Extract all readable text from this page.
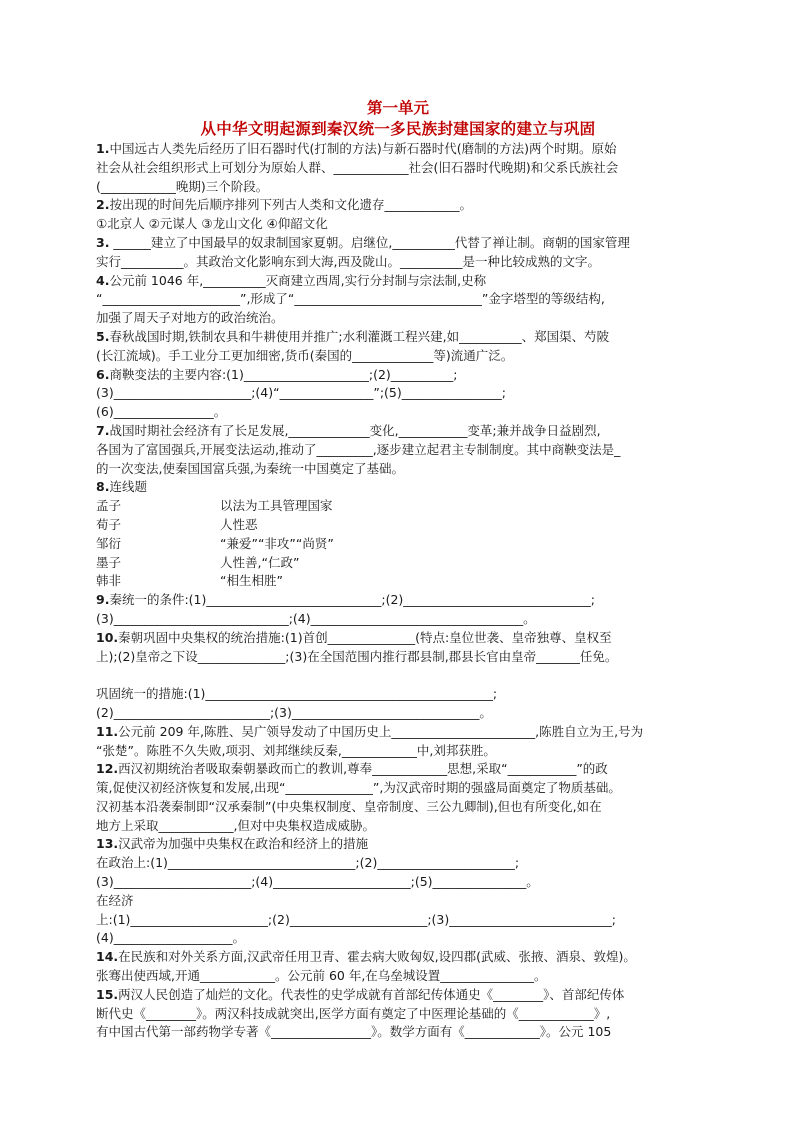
第一单元
从中华文明起源到秦汉统一多民族封建国家的建立与巩固
1.中国远古人类先后经历了旧石器时代(打制的方法)与新石器时代(磨制的方法)两个时期。原始
社会从社会组织形式上可划分为原始人群、____________社会(旧石器时代晚期)和父系氏族社会
(____________晚期)三个阶段。
2.按出现的时间先后顺序排列下列古人类和文化遗存____________。
①北京人 ②元谋人 ③龙山文化 ④仰韶文化
3. ______建立了中国最早的奴隶制国家夏朝。启继位,__________代替了禅让制。商朝的国家管理
实行__________。其政治文化影响东到大海,西及陇山。__________是一种比较成熟的文字。
4.公元前 1046 年,__________灭商建立西周,实行分封制与宗法制,史称
“______________________”,形成了“______________________________”金字塔型的等级结构,
加强了周天子对地方的政治统治。
5.春秋战国时期,铁制农具和牛耕使用并推广;水利灌溉工程兴建,如__________、郑国渠、芍陂
(长江流域)。手工业分工更加细密,货币(秦国的_____________等)流通广泛。
6.商鞅变法的主要内容:(1)____________________;(2)__________;
(3)______________________;(4)“_______________”;(5)________________;
(6)________________。
7.战国时期社会经济有了长足发展,_____________变化,___________变革;兼并战争日益剧烈,
各国为了富国强兵,开展变法运动,推动了_________,逐步建立起君主专制制度。其中商鞅变法是_
的一次变法,使秦国国富兵强,为秦统一中国奠定了基础。
8.连线题
孟子	以法为工具管理国家
荀子	人性恶
邹衍	“兼爱”“非攻”“尚贤”
墨子	人性善,“仁政”
韩非	“相生相胜”
9.秦统一的条件:(1)____________________________;(2)______________________________;
(3)____________________________;(4)__________________________________。
10.秦朝巩固中央集权的统治措施:(1)首创______________(特点:皇位世袭、皇帝独尊、皇权至
上);(2)皇帝之下设______________;(3)在全国范围内推行郡县制,郡县长官由皇帝_______任免。
巩固统一的措施:(1)______________________________________________;
(2)_________________________;(3)______________________________。
11.公元前 209 年,陈胜、吴广领导发动了中国历史上_______________________,陈胜自立为王,号为
“张楚”。陈胜不久失败,项羽、刘邦继续反秦,____________中,刘邦获胜。
12.西汉初期统治者吸取秦朝暴政而亡的教训,尊奉____________思想,采取“___________”的政
策,促使汉初经济恢复和发展,出现“______________”,为汉武帝时期的强盛局面奠定了物质基础。
汉初基本沿袭秦制即“汉承秦制”(中央集权制度、皇帝制度、三公九卿制),但也有所变化,如在
地方上采取____________,但对中央集权造成威胁。
13.汉武帝为加强中央集权在政治和经济上的措施
在政治上:(1)______________________________;(2)______________________;
(3)______________________;(4)______________________;(5)_______________。
在经济
上:(1)______________________;(2)______________________;(3)__________________________;
(4)___________________。
14.在民族和对外关系方面,汉武帝任用卫青、霍去病大败匈奴,设四郡(武威、张掖、酒泉、敦煌)。
张骞出使西域,开通____________。公元前 60 年,在乌垒城设置_______________。
15.两汉人民创造了灿烂的文化。代表性的史学成就有首部纪传体通史《________》、首部纪传体
断代史《________》。两汉科技成就突出,医学方面有奠定了中医理论基础的《____________》,
有中国古代第一部药物学专著《________________》。数学方面有《____________》。公元 105
